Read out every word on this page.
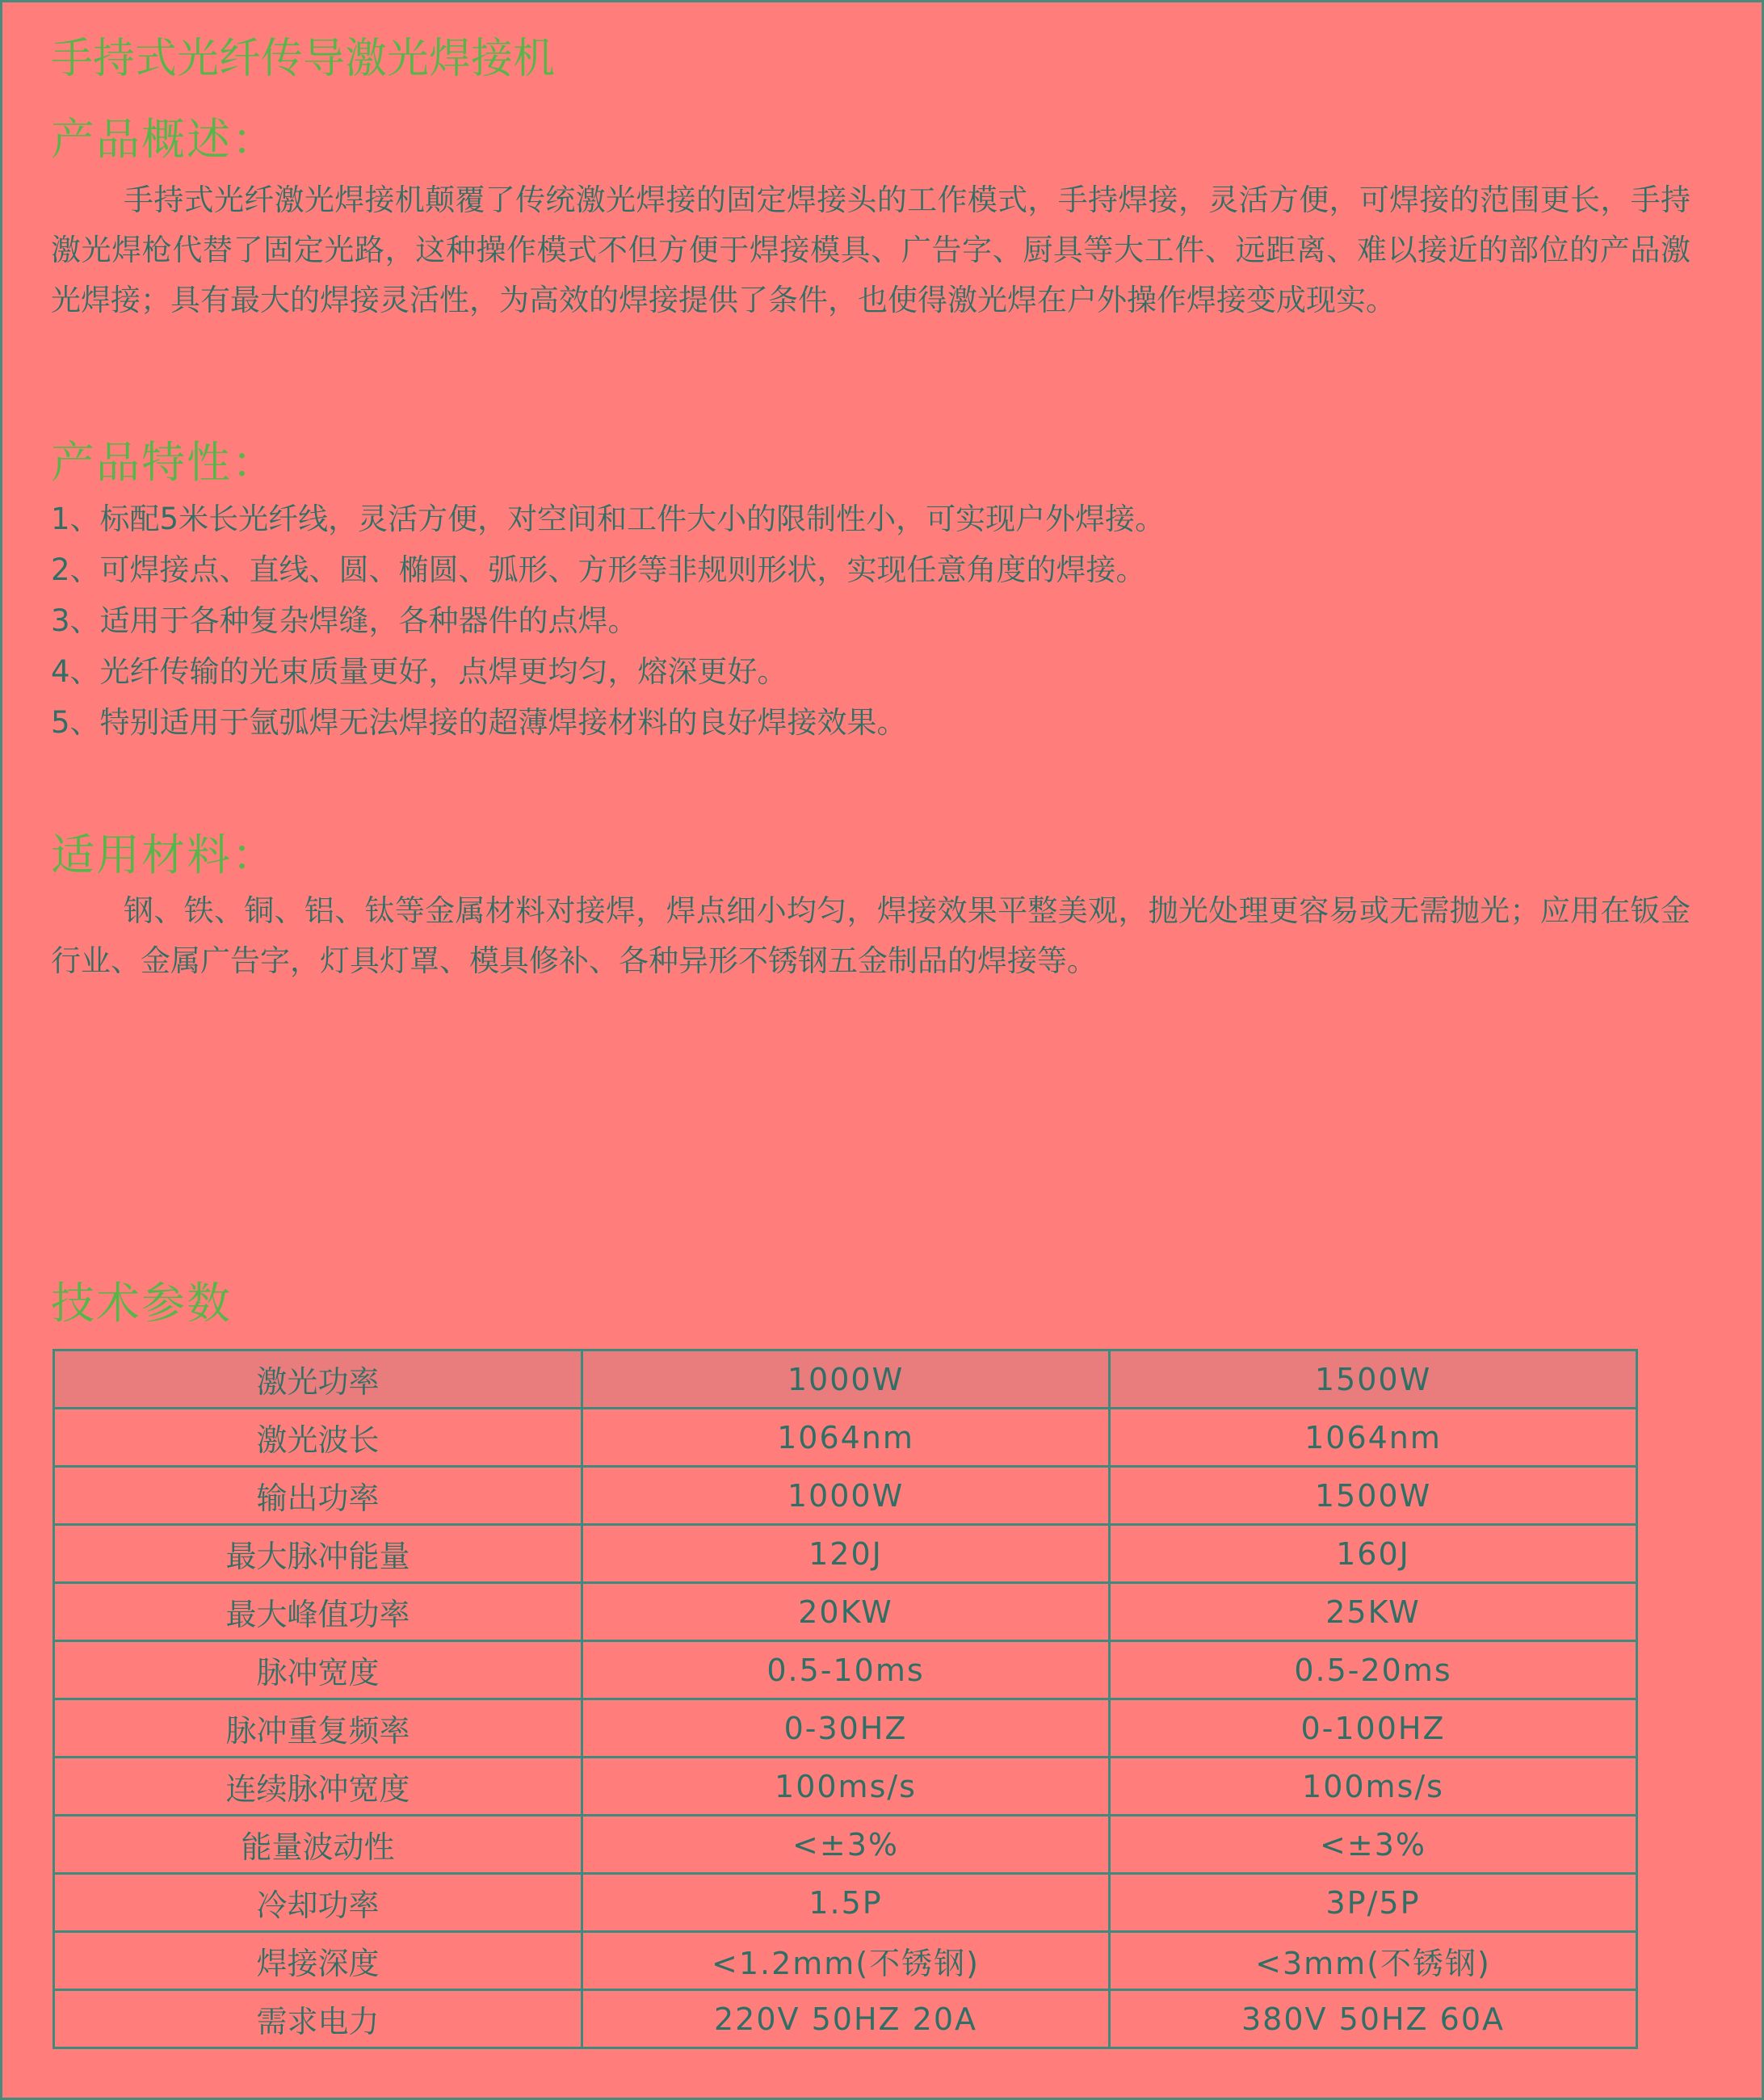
手持式光纤传导激光焊接机
产品概述：

手持式光纤激光焊接机颠覆了传统激光焊接的固定焊接头的工作模式，手持焊接，灵活方便，可焊接的范围更长，手持激光焊枪代替了固定光路，这种操作模式不但方便于焊接模具、广告字、厨具等大工件、远距离、难以接近的部位的产品激光焊接；具有最大的焊接灵活性，为高效的焊接提供了条件，也使得激光焊在户外操作焊接变成现实。

产品特性：
1、标配5米长光纤线，灵活方便，对空间和工件大小的限制性小，可实现户外焊接。
2、可焊接点、直线、圆、椭圆、弧形、方形等非规则形状，实现任意角度的焊接。
3、适用于各种复杂焊缝，各种器件的点焊。
4、光纤传输的光束质量更好，点焊更均匀，熔深更好。
5、特别适用于氩弧焊无法焊接的超薄焊接材料的良好焊接效果。
适用材料：

钢、铁、铜、铝、钛等金属材料对接焊，焊点细小均匀，焊接效果平整美观，抛光处理更容易或无需抛光；应用在钣金行业、金属广告字，灯具灯罩、模具修补、各种异形不锈钢五金制品的焊接等。

技术参数
激光功率	1000W	1500W
激光波长	1064nm	1064nm
输出功率	1000W	1500W
最大脉冲能量	120J	160J
最大峰值功率	20KW	25KW
脉冲宽度	0.5-10ms	0.5-20ms
脉冲重复频率	0-30HZ	0-100HZ
连续脉冲宽度	100ms/s	100ms/s
能量波动性	<±3%	<±3%
冷却功率	1.5P	3P/5P
焊接深度	<1.2mm(不锈钢)	<3mm(不锈钢)
需求电力	220V 50HZ 20A	380V 50HZ 60A
